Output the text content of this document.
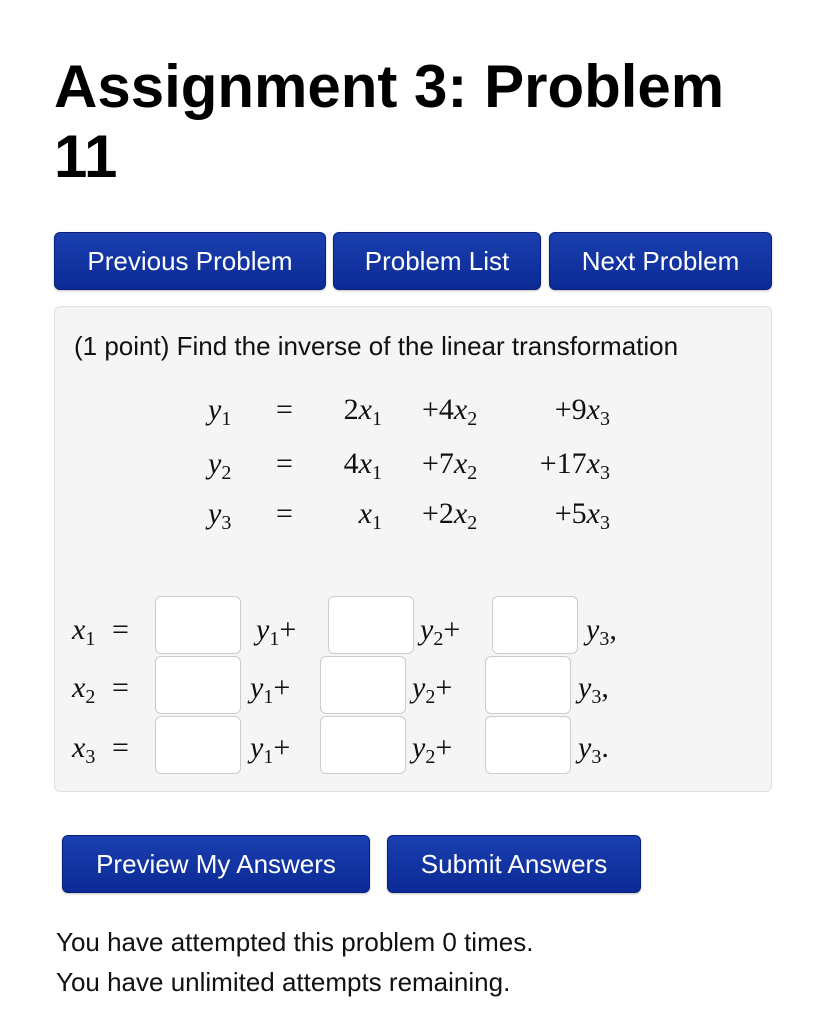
Assignment 3: Problem 11
Previous Problem	Problem List	Next Problem
(1 point) Find the inverse of the linear transformation
$y_1$ =	$2x_1 +4x_2$	$+9x_3$
$y_2$ =	$4x_1 +7x_2$	$+17x_3$
$y_3$ =	$x_1 +2x_2$	$+5x_3$
$x_1$ =	$y_1+$	$y_2+$	$y_3$,
$x_2$ =	$y_1+$	$y_2+$	$y_3$,
$x_3$ =	$y_1+$	$y_2+$	$y_3$.
Preview My Answers	Submit Answers
You have attempted this problem 0 times.
You have unlimited attempts remaining.
